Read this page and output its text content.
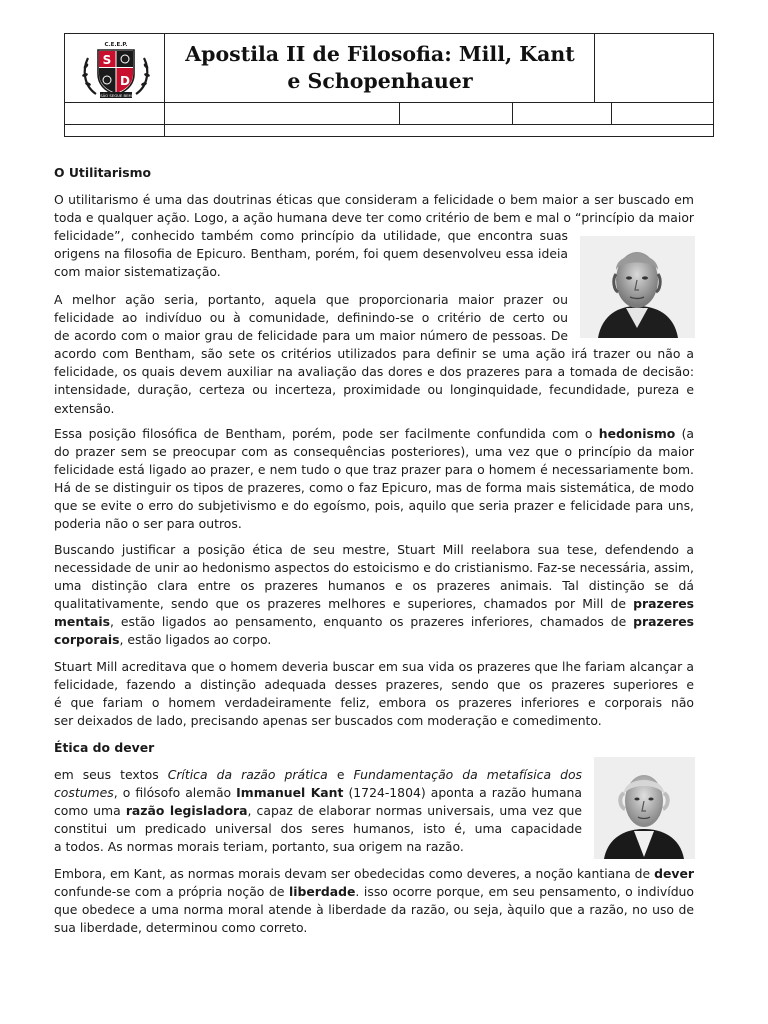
S
D
C.E.E.P.
SÃO SEGUE BEM
Apostila II de Filosofia: Mill, Kant
e Schopenhauer

O Utilitarismo

O utilitarismo é uma das doutrinas éticas que consideram a felicidade o bem maior a ser buscado em
toda e qualquer ação. Logo, a ação humana deve ter como critério de bem e mal o “princípio da maior
felicidade”, conhecido também como princípio da utilidade, que encontra suas
origens na filosofia de Epicuro. Bentham, porém, foi quem desenvolveu essa ideia
com maior sistematização.
A melhor ação seria, portanto, aquela que proporcionaria maior prazer ou
felicidade ao indivíduo ou à comunidade, definindo-se o critério de certo ou
de acordo com o maior grau de felicidade para um maior número de pessoas. De
acordo com Bentham, são sete os critérios utilizados para definir se uma ação irá trazer ou não a
felicidade, os quais devem auxiliar na avaliação das dores e dos prazeres para a tomada de decisão:
intensidade, duração, certeza ou incerteza, proximidade ou longinquidade, fecundidade, pureza e
extensão.
Essa posição filosófica de Bentham, porém, pode ser facilmente confundida com o hedonismo (a
do prazer sem se preocupar com as consequências posteriores), uma vez que o princípio da maior
felicidade está ligado ao prazer, e nem tudo o que traz prazer para o homem é necessariamente bom.
Há de se distinguir os tipos de prazeres, como o faz Epicuro, mas de forma mais sistemática, de modo
que se evite o erro do subjetivismo e do egoísmo, pois, aquilo que seria prazer e felicidade para uns,
poderia não o ser para outros.
Buscando justificar a posição ética de seu mestre, Stuart Mill reelabora sua tese, defendendo a
necessidade de unir ao hedonismo aspectos do estoicismo e do cristianismo. Faz-se necessária, assim,
uma distinção clara entre os prazeres humanos e os prazeres animais. Tal distinção se dá
qualitativamente, sendo que os prazeres melhores e superiores, chamados por Mill de prazeres
mentais, estão ligados ao pensamento, enquanto os prazeres inferiores, chamados de prazeres
corporais, estão ligados ao corpo.
Stuart Mill acreditava que o homem deveria buscar em sua vida os prazeres que lhe fariam alcançar a
felicidade, fazendo a distinção adequada desses prazeres, sendo que os prazeres superiores e
é que fariam o homem verdadeiramente feliz, embora os prazeres inferiores e corporais não
ser deixados de lado, precisando apenas ser buscados com moderação e comedimento.

Ética do dever

em seus textos Crítica da razão prática e Fundamentação da metafísica dos
costumes, o filósofo alemão Immanuel Kant (1724-1804) aponta a razão humana
como uma razão legisladora, capaz de elaborar normas universais, uma vez que
constitui um predicado universal dos seres humanos, isto é, uma capacidade
a todos. As normas morais teriam, portanto, sua origem na razão.
Embora, em Kant, as normas morais devam ser obedecidas como deveres, a noção kantiana de dever
confunde-se com a própria noção de liberdade. isso ocorre porque, em seu pensamento, o indivíduo
que obedece a uma norma moral atende à liberdade da razão, ou seja, àquilo que a razão, no uso de
sua liberdade, determinou como correto.
